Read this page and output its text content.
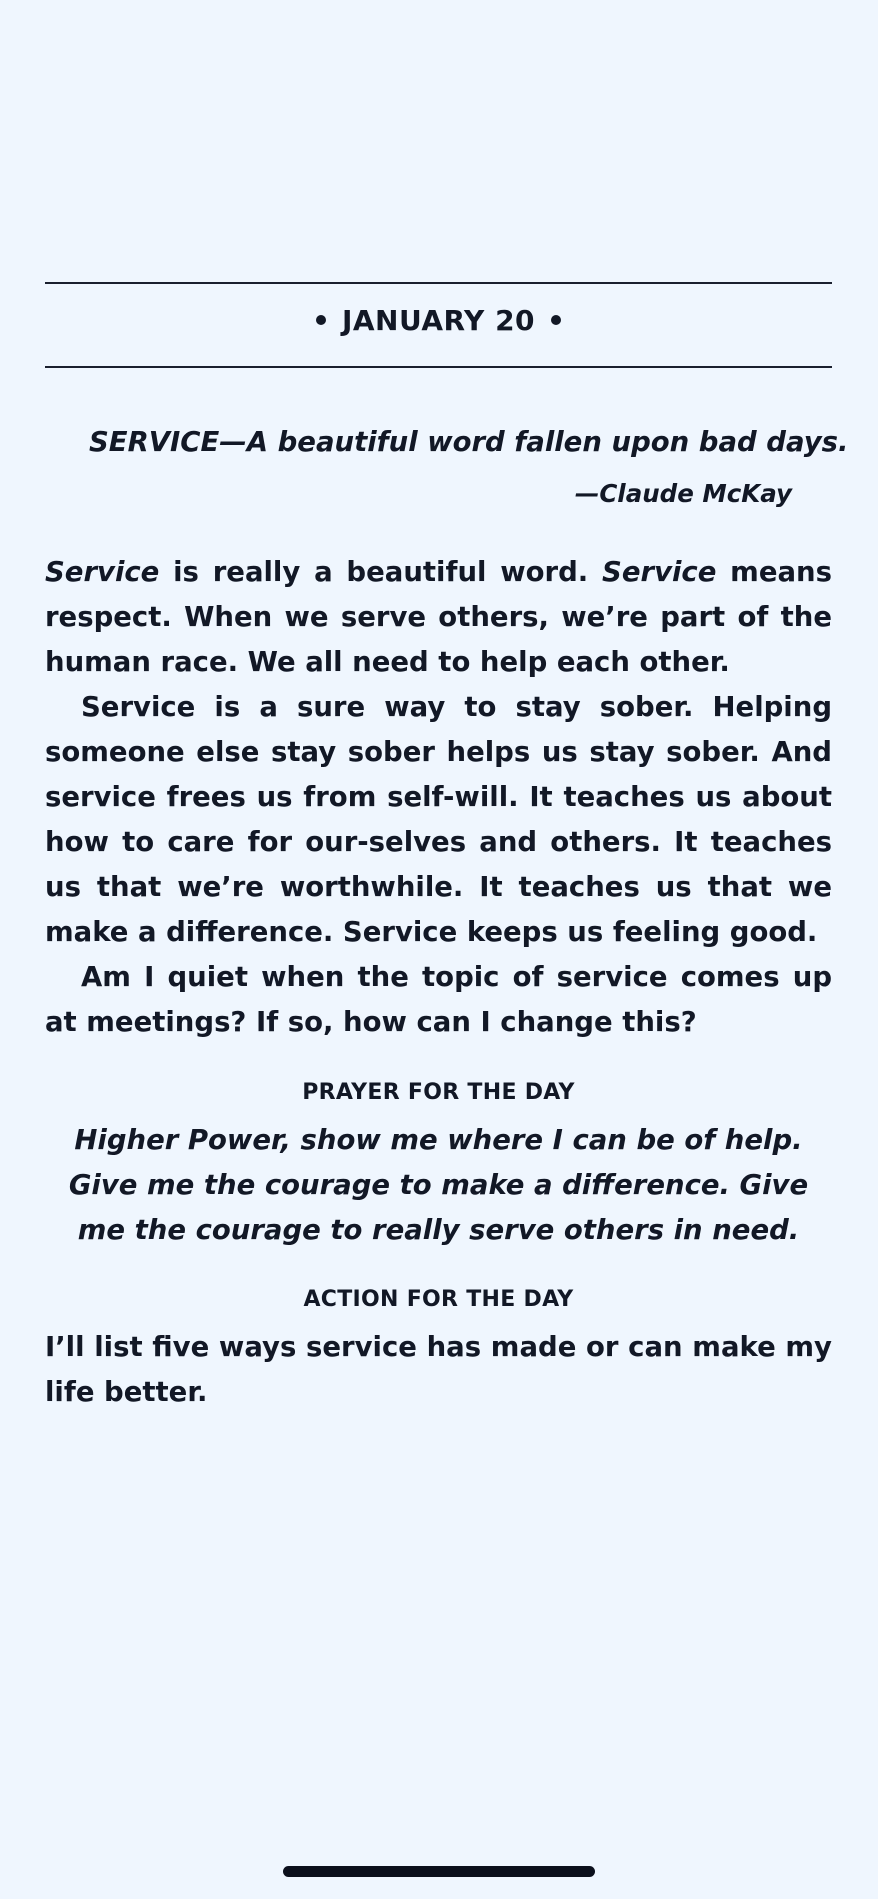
JANUARY 20
SERVICE—A beautiful word fallen upon bad days.
—Claude McKay

Service is really a beautiful word. Service means respect. When we serve others, we’re part of the human race. We all need to help each other.

Service is a sure way to stay sober. Helping someone else stay sober helps us stay sober. And service frees us from self-will. It teaches us about how to care for our-selves and others. It teaches us that we’re worthwhile. It teaches us that we make a difference. Service keeps us feeling good.

Am I quiet when the topic of service comes up at meetings? If so, how can I change this?

PRAYER FOR THE DAY
Higher Power, show me where I can be of help.
Give me the courage to make a difference. Give
me the courage to really serve others in need.
ACTION FOR THE DAY
I’ll list five ways service has made or can make my life better.
